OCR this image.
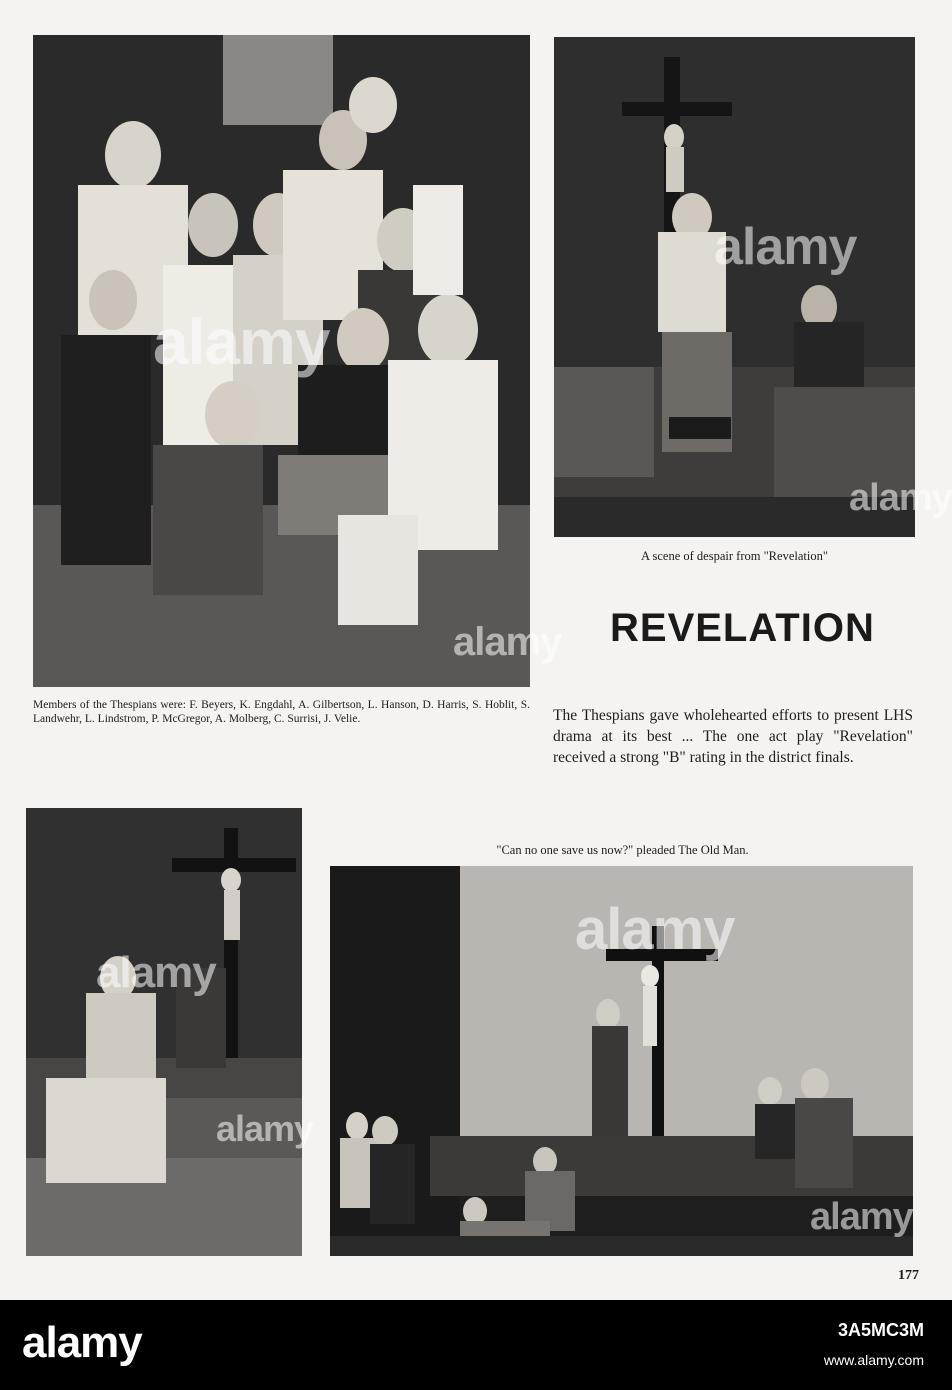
alamy
alamy
Members of the Thespians were: F. Beyers, K. Engdahl, A. Gilbertson, L. Hanson, D. Harris, S. Hoblit, S. Landwehr, L. Lindstrom, P. McGregor, A. Molberg, C. Surrisi, J. Velie.
alamy
alamy
A scene of despair from "Revelation"
REVELATION
The Thespians gave wholehearted efforts to present LHS drama at its best ... The one act play "Revelation" received a strong "B" rating in the district finals.
alamy
alamy
"Can no one save us now?" pleaded The Old Man.
alamy
alamy
177
alamy	3A5MC3M
www.alamy.com
